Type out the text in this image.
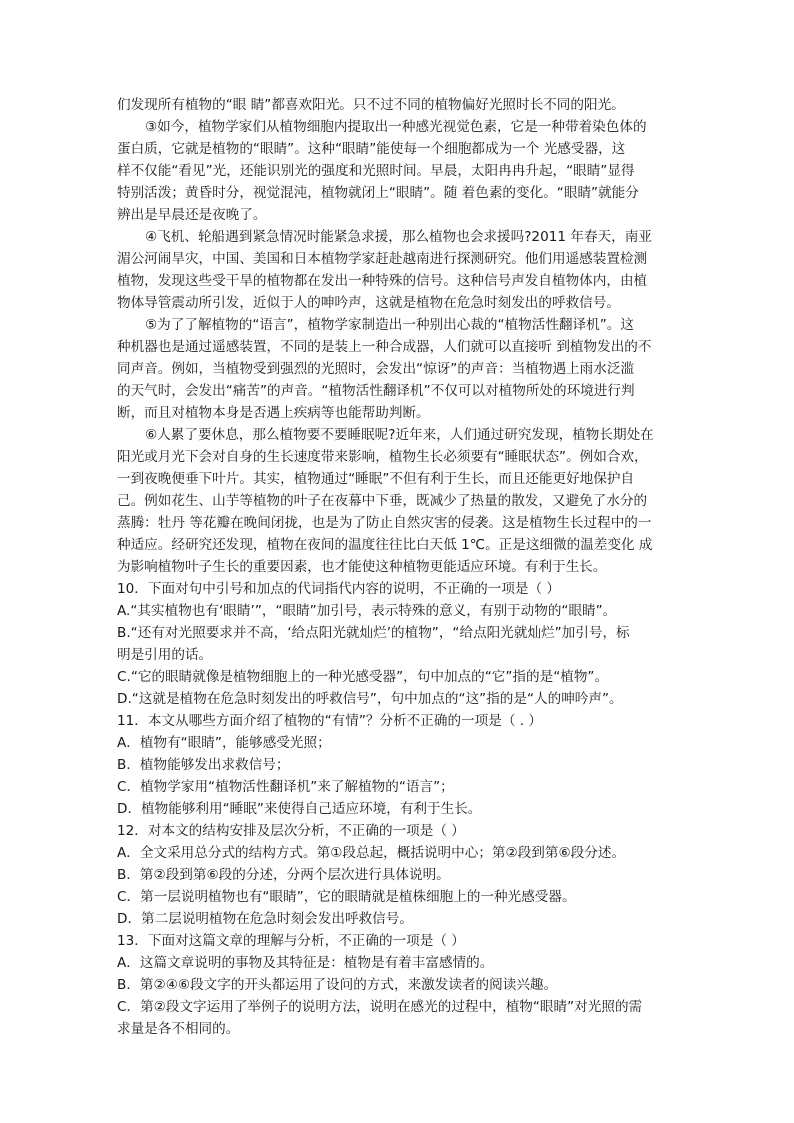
们发现所有植物的“眼 睛”都喜欢阳光。只不过不同的植物偏好光照时长不同的阳光。
③如今，植物学家们从植物细胞内提取出一种感光视觉色素，它是一种带着染色体的
蛋白质，它就是植物的“眼睛”。这种“眼睛”能使每一个细胞都成为一个 光感受器，这
样不仅能“看见”光，还能识别光的强度和光照时间。早晨，太阳冉冉升起，“眼睛”显得
特别活泼；黄昏时分，视觉混沌，植物就闭上“眼睛”。随 着色素的变化。“眼睛”就能分
辨出是早晨还是夜晚了。
④飞机、轮船遇到紧急情况时能紧急求援，那么植物也会求援吗?2011 年春天，南亚
湄公河闹旱灾，中国、美国和日本植物学家赶赴越南进行探测研究。他们用遥感装置检测
植物，发现这些受干旱的植物都在发出一种特殊的信号。这种信号声发自植物体内，由植
物体导管震动所引发，近似于人的呻吟声，这就是植物在危急时刻发出的呼救信号。
⑤为了了解植物的“语言”，植物学家制造出一种别出心裁的“植物活性翻译机”。这
种机器也是通过遥感装置，不同的是装上一种合成器，人们就可以直接听 到植物发出的不
同声音。例如，当植物受到强烈的光照时，会发出“惊讶”的声音：当植物遇上雨水泛滥
的天气时，会发出“痛苦”的声音。“植物活性翻译机”不仅可以对植物所处的环境进行判
断，而且对植物本身是否遇上疾病等也能帮助判断。
⑥人累了要休息，那么植物要不要睡眠呢?近年来，人们通过研究发现，植物长期处在
阳光或月光下会对自身的生长速度带来影响，植物生长必须要有“睡眠状态”。例如合欢，
一到夜晚便垂下叶片。其实，植物通过“睡眠”不但有利于生长，而且还能更好地保护自
己。例如花生、山芋等植物的叶子在夜幕中下垂，既减少了热量的散发，又避免了水分的
蒸腾：牡丹 等花瓣在晚间闭拢，也是为了防止自然灾害的侵袭。这是植物生长过程中的一
种适应。经研究还发现，植物在夜间的温度往往比白天低 1℃。正是这细微的温差变化 成
为影响植物叶子生长的重要因素，也才能使这种植物更能适应环境。有利于生长。
10．下面对句中引号和加点的代词指代内容的说明，不正确的一项是（ ）
A.“其实植物也有‘眼睛’”，“眼睛”加引号，表示特殊的意义，有别于动物的“眼睛”。
B.“还有对光照要求并不高，‘给点阳光就灿烂’的植物”，“给点阳光就灿烂”加引号，标
明是引用的话。
C.“它的眼睛就像是植物细胞上的一种光感受器”，句中加点的“它”指的是“植物”。
D.“这就是植物在危急时刻发出的呼救信号”，句中加点的“这”指的是“人的呻吟声”。
11．本文从哪些方面介绍了植物的“有情”？分析不正确的一项是（ . ）
A．植物有“眼睛”，能够感受光照；
B．植物能够发出求救信号；
C．植物学家用“植物活性翻译机”来了解植物的“语言”；
D．植物能够利用“睡眠”来使得自己适应环境，有利于生长。
12．对本文的结构安排及层次分析，不正确的一项是（ ）
A．全文采用总分式的结构方式。第①段总起，概括说明中心；第②段到第⑥段分述。
B．第②段到第⑥段的分述，分两个层次进行具体说明。
C．第一层说明植物也有“眼睛”，它的眼睛就是植株细胞上的一种光感受器。
D．第二层说明植物在危急时刻会发出呼救信号。
13．下面对这篇文章的理解与分析，不正确的一项是（ ）
A．这篇文章说明的事物及其特征是：植物是有着丰富感情的。
B．第②④⑥段文字的开头都运用了设问的方式，来激发读者的阅读兴趣。
C．第②段文字运用了举例子的说明方法，说明在感光的过程中，植物“眼睛”对光照的需
求量是各不相同的。
